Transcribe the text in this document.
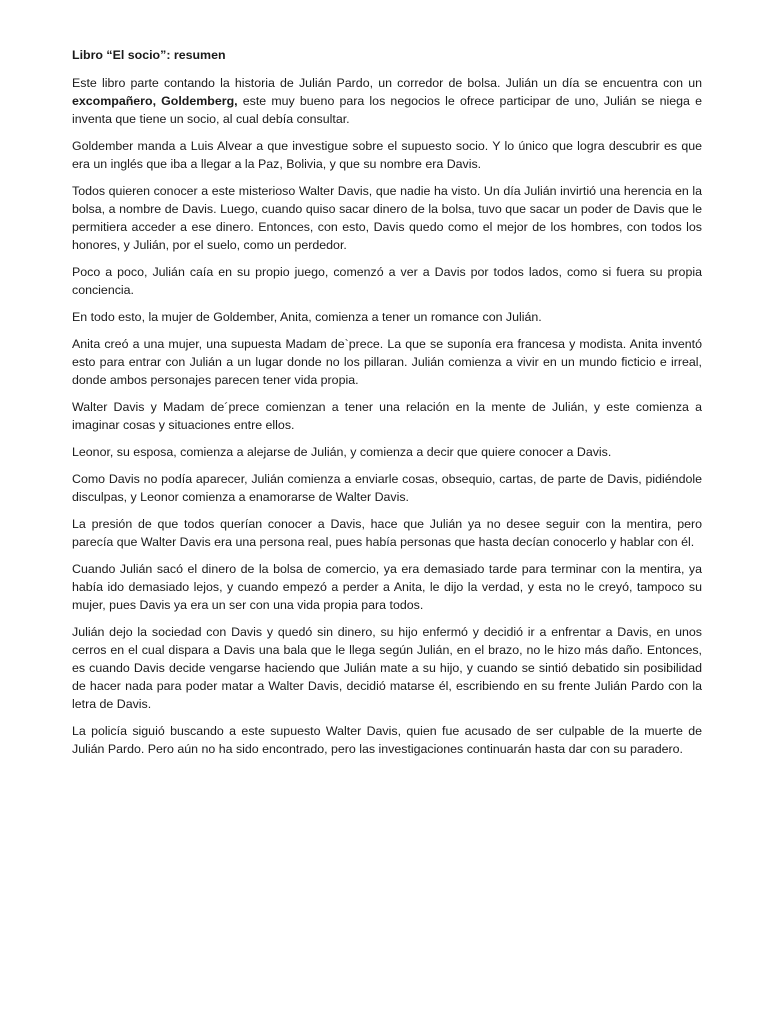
Libro “El socio”: resumen

Este libro parte contando la historia de Julián Pardo, un corredor de bolsa. Julián un día se encuentra con un excompañero, Goldemberg, este muy bueno para los negocios le ofrece participar de uno, Julián se niega e inventa que tiene un socio, al cual debía consultar.

Goldember manda a Luis Alvear a que investigue sobre el supuesto socio. Y lo único que logra descubrir es que era un inglés que iba a llegar a la Paz, Bolivia, y que su nombre era Davis.

Todos quieren conocer a este misterioso Walter Davis, que nadie ha visto. Un día Julián invirtió una herencia en la bolsa, a nombre de Davis. Luego, cuando quiso sacar dinero de la bolsa, tuvo que sacar un poder de Davis que le permitiera acceder a ese dinero. Entonces, con esto, Davis quedo como el mejor de los hombres, con todos los honores, y Julián, por el suelo, como un perdedor.

Poco a poco, Julián caía en su propio juego, comenzó a ver a Davis por todos lados, como si fuera su propia conciencia.

En todo esto, la mujer de Goldember, Anita, comienza a tener un romance con Julián.

Anita creó a una mujer, una supuesta Madam de`prece. La que se suponía era francesa y modista. Anita inventó esto para entrar con Julián a un lugar donde no los pillaran. Julián comienza a vivir en un mundo ficticio e irreal, donde ambos personajes parecen tener vida propia.

Walter Davis y Madam de´prece comienzan a tener una relación en la mente de Julián, y este comienza a imaginar cosas y situaciones entre ellos.

Leonor, su esposa, comienza a alejarse de Julián, y comienza a decir que quiere conocer a Davis.

Como Davis no podía aparecer, Julián comienza a enviarle cosas, obsequio, cartas, de parte de Davis, pidiéndole disculpas, y Leonor comienza a enamorarse de Walter Davis.

La presión de que todos querían conocer a Davis, hace que Julián ya no desee seguir con la mentira, pero parecía que Walter Davis era una persona real, pues había personas que hasta decían conocerlo y hablar con él.

Cuando Julián sacó el dinero de la bolsa de comercio, ya era demasiado tarde para terminar con la mentira, ya había ido demasiado lejos, y cuando empezó a perder a Anita, le dijo la verdad, y esta no le creyó, tampoco su mujer, pues Davis ya era un ser con una vida propia para todos.

Julián dejo la sociedad con Davis y quedó sin dinero, su hijo enfermó y decidió ir a enfrentar a Davis, en unos cerros en el cual dispara a Davis una bala que le llega según Julián, en el brazo, no le hizo más daño. Entonces, es cuando Davis decide vengarse haciendo que Julián mate a su hijo, y cuando se sintió debatido sin posibilidad de hacer nada para poder matar a Walter Davis, decidió matarse él, escribiendo en su frente Julián Pardo con la letra de Davis.

La policía siguió buscando a este supuesto Walter Davis, quien fue acusado de ser culpable de la muerte de Julián Pardo. Pero aún no ha sido encontrado, pero las investigaciones continuarán hasta dar con su paradero.
